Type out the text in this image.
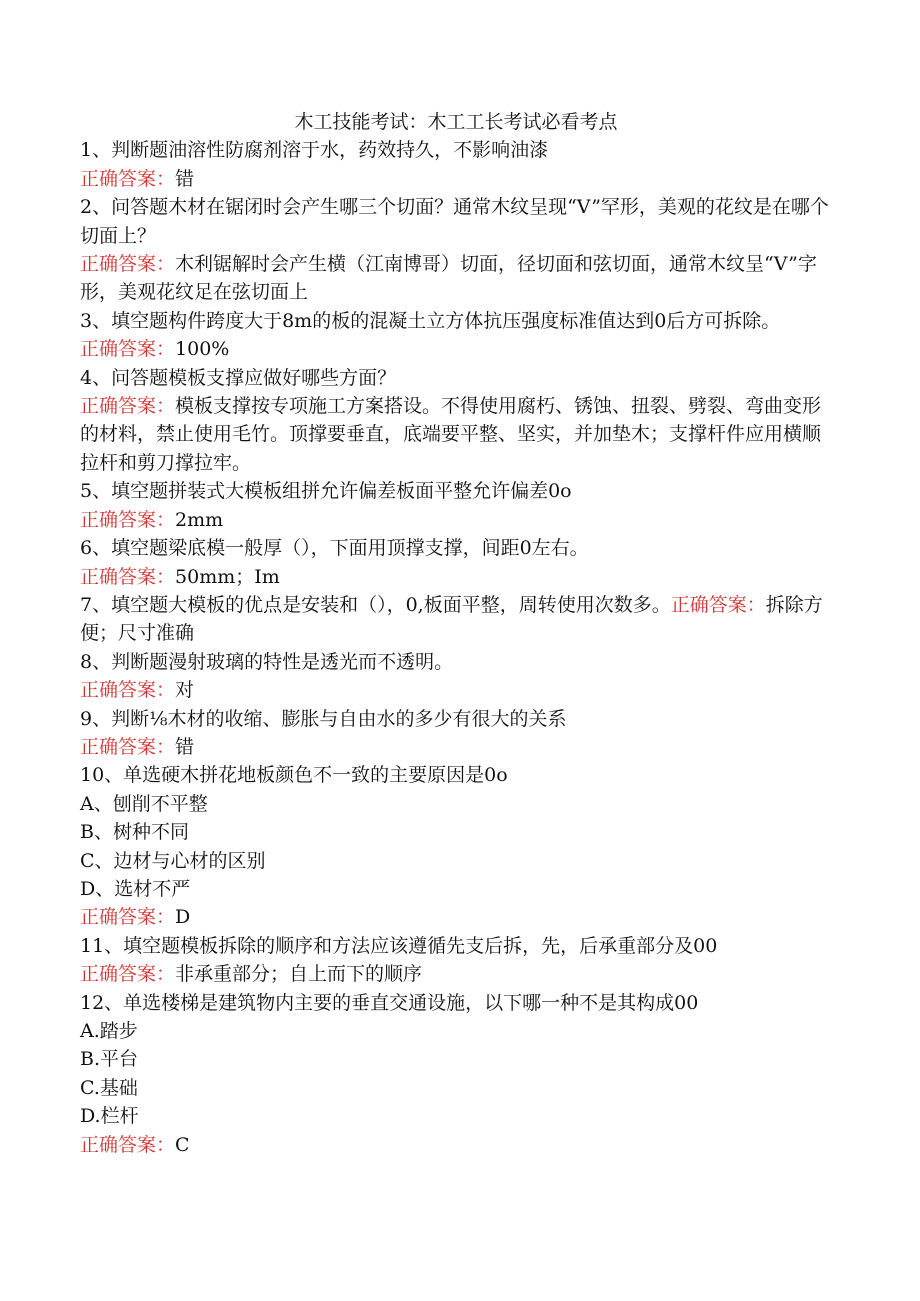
木工技能考试：木工工长考试必看考点

1、判断题油溶性防腐剂溶于水，药效持久，不影响油漆

正确答案：错

2、问答题木材在锯闭时会产生哪三个切面？通常木纹呈现“V”罕形，美观的花纹是在哪个切面上？

正确答案：木利锯解时会产生横（江南博哥）切面，径切面和弦切面，通常木纹呈“V”字形，美观花纹足在弦切面上

3、填空题构件跨度大于8m的板的混凝土立方体抗压强度标准值达到0后方可拆除。

正确答案：100%

4、问答题模板支撑应做好哪些方面？

正确答案：模板支撑按专项施工方案搭设。不得使用腐朽、锈蚀、扭裂、劈裂、弯曲变形的材料，禁止使用毛竹。顶撑要垂直，底端要平整、坚实，并加垫木；支撑杆件应用横顺拉杆和剪刀撑拉牢。

5、填空题拼装式大模板组拼允许偏差板面平整允许偏差0o

正确答案：2mm

6、填空题梁底模一般厚（），下面用顶撑支撑，间距0左右。

正确答案：50mm；Im

7、填空题大模板的优点是安装和（），0,板面平整，周转使用次数多。正确答案：拆除方便；尺寸准确

8、判断题漫射玻璃的特性是透光而不透明。

正确答案：对

9、判断⅛木材的收缩、膨胀与自由水的多少有很大的关系

正确答案：错

10、单选硬木拼花地板颜色不一致的主要原因是0o

A、刨削不平整

B、树种不同

C、边材与心材的区别

D、选材不严

正确答案：D

11、填空题模板拆除的顺序和方法应该遵循先支后拆，先，后承重部分及00

正确答案：非承重部分；自上而下的顺序

12、单选楼梯是建筑物内主要的垂直交通设施，以下哪一种不是其构成00

A.踏步

B.平台

C.基础

D.栏杆

正确答案：C
